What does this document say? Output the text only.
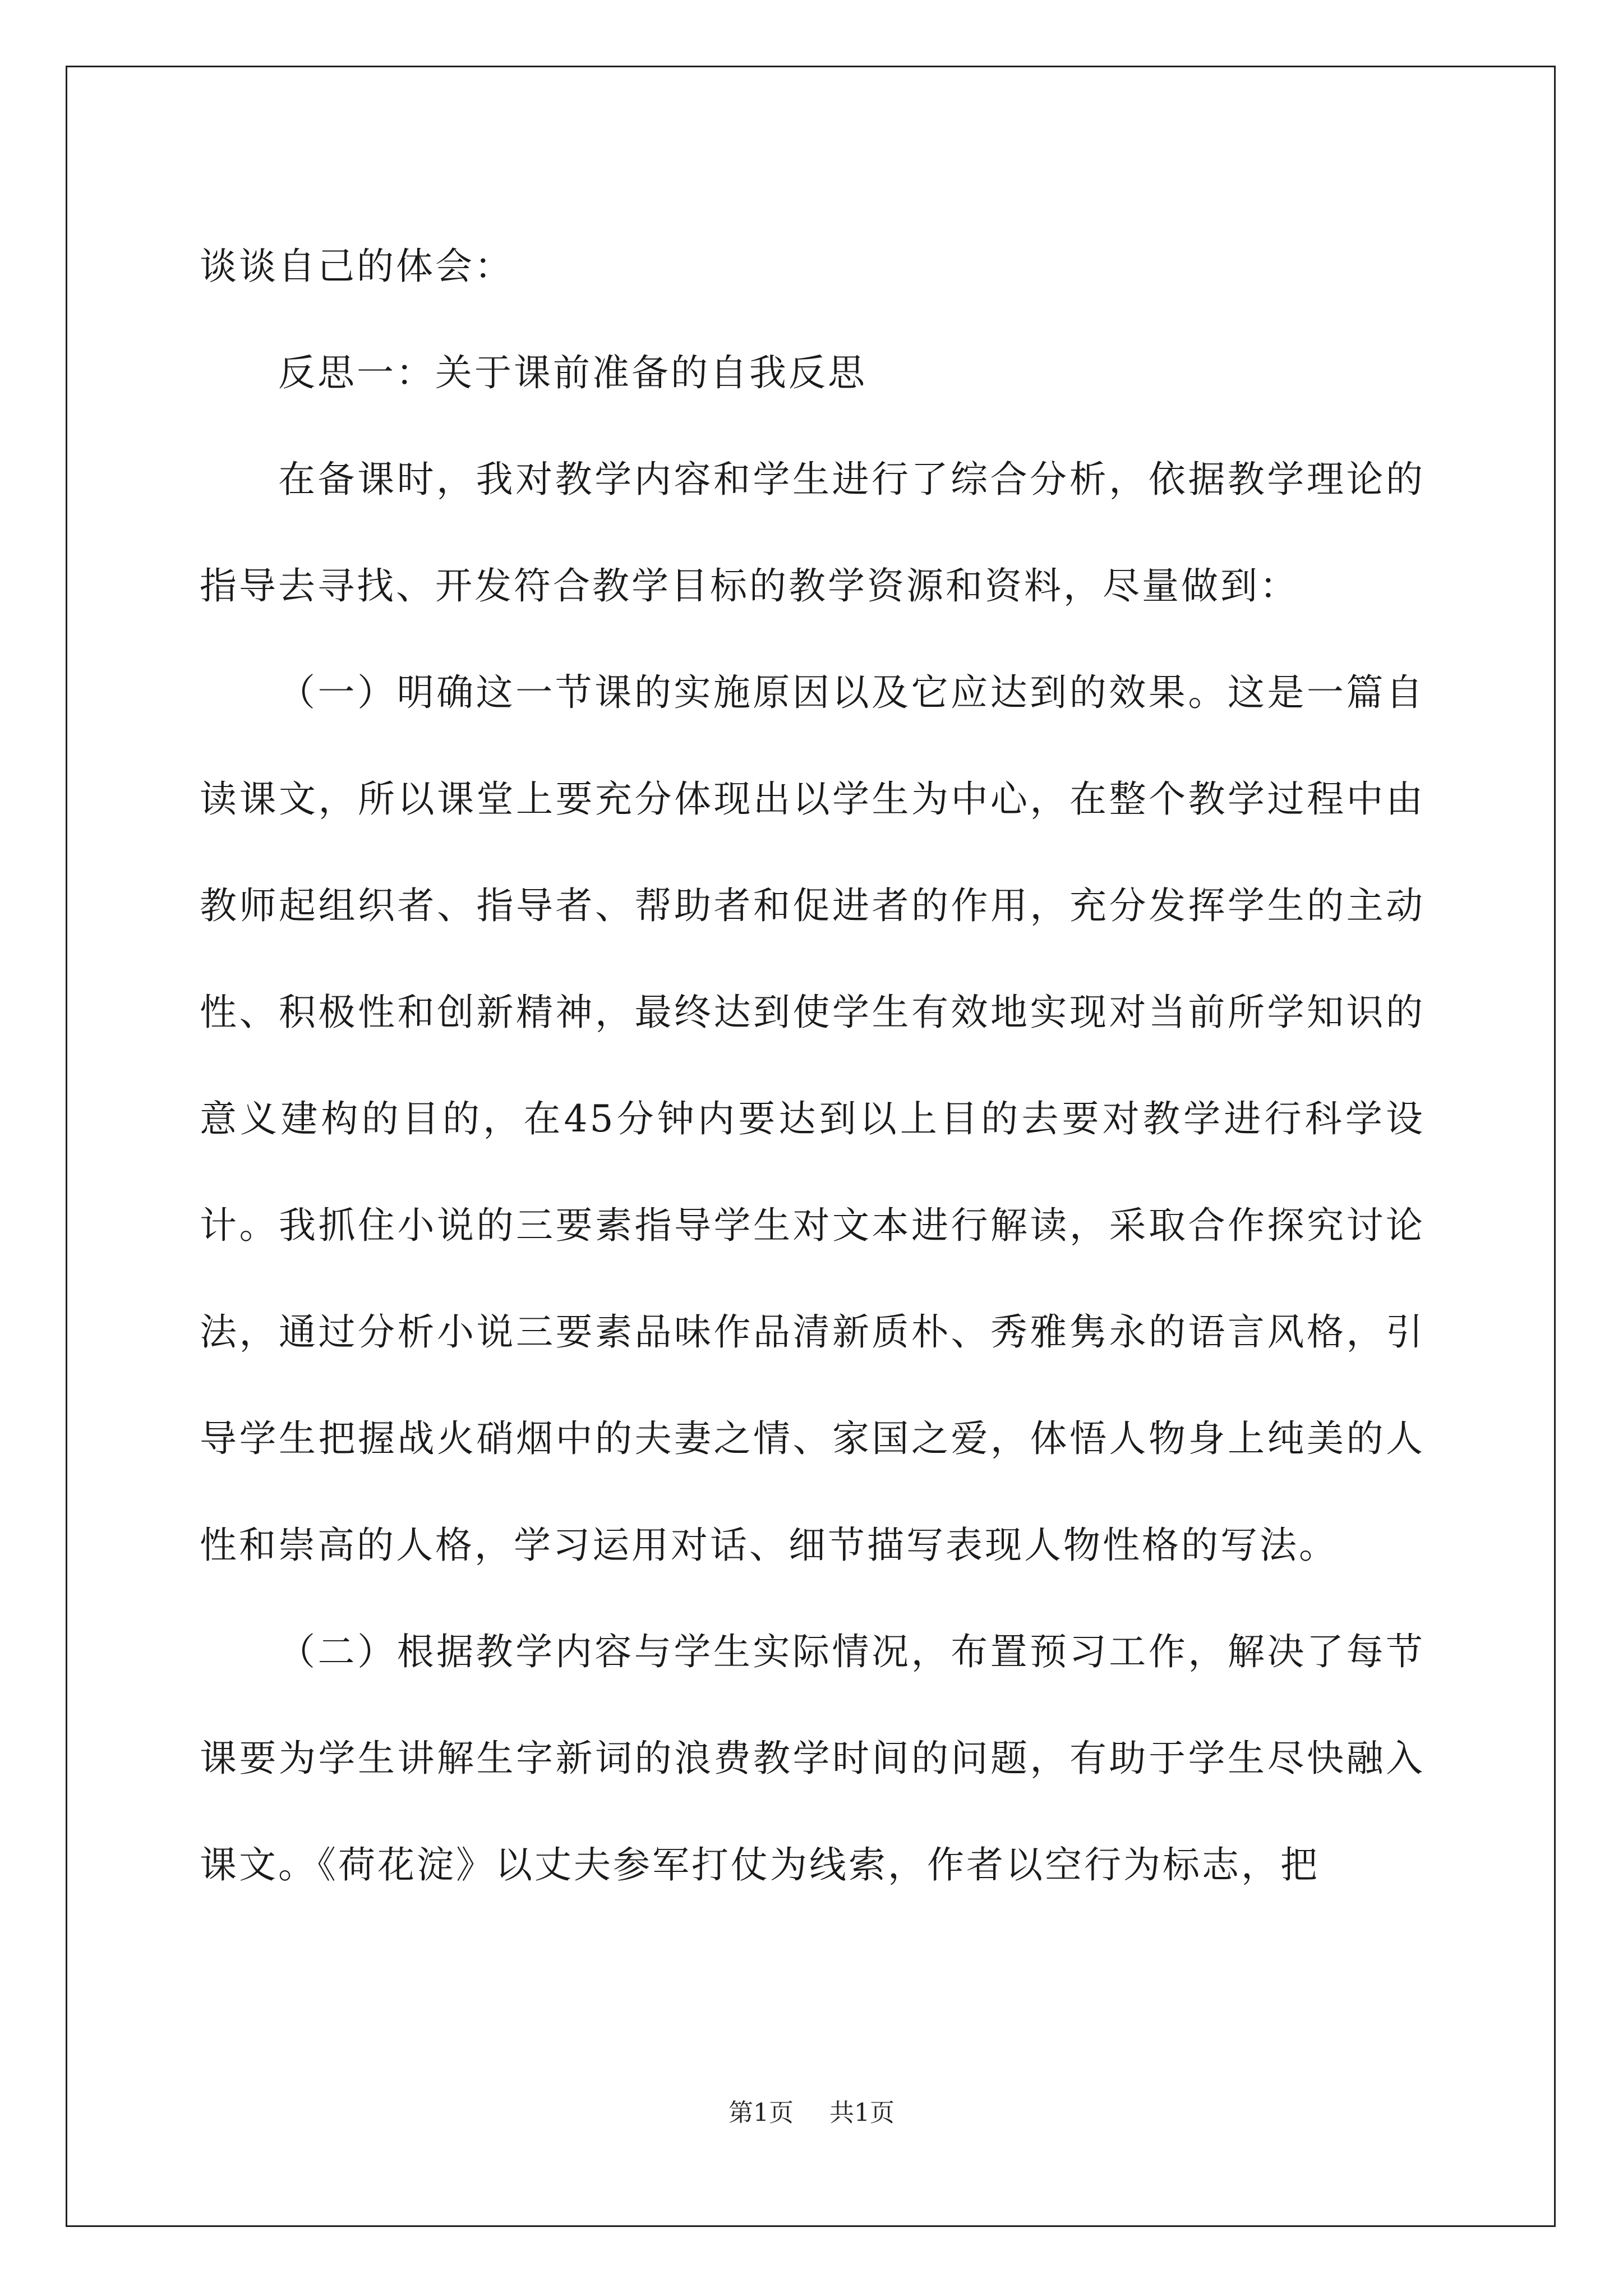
谈谈自己的体会：

反思一：关于课前准备的自我反思

在备课时，我对教学内容和学生进行了综合分析，依据教学理论的指导去寻找、开发符合教学目标的教学资源和资料，尽量做到：

（一）明确这一节课的实施原因以及它应达到的效果。这是一篇自读课文，所以课堂上要充分体现出以学生为中心，在整个教学过程中由教师起组织者、指导者、帮助者和促进者的作用，充分发挥学生的主动性、积极性和创新精神，最终达到使学生有效地实现对当前所学知识的意义建构的目的，在45分钟内要达到以上目的去要对教学进行科学设计。我抓住小说的三要素指导学生对文本进行解读，采取合作探究讨论法，通过分析小说三要素品味作品清新质朴、秀雅隽永的语言风格，引导学生把握战火硝烟中的夫妻之情、家国之爱，体悟人物身上纯美的人性和崇高的人格，学习运用对话、细节描写表现人物性格的写法。

（二）根据教学内容与学生实际情况，布置预习工作，解决了每节课要为学生讲解生字新词的浪费教学时间的问题，有助于学生尽快融入课文。《荷花淀》以丈夫参军打仗为线索，作者以空行为标志，把

第1页 共1页
